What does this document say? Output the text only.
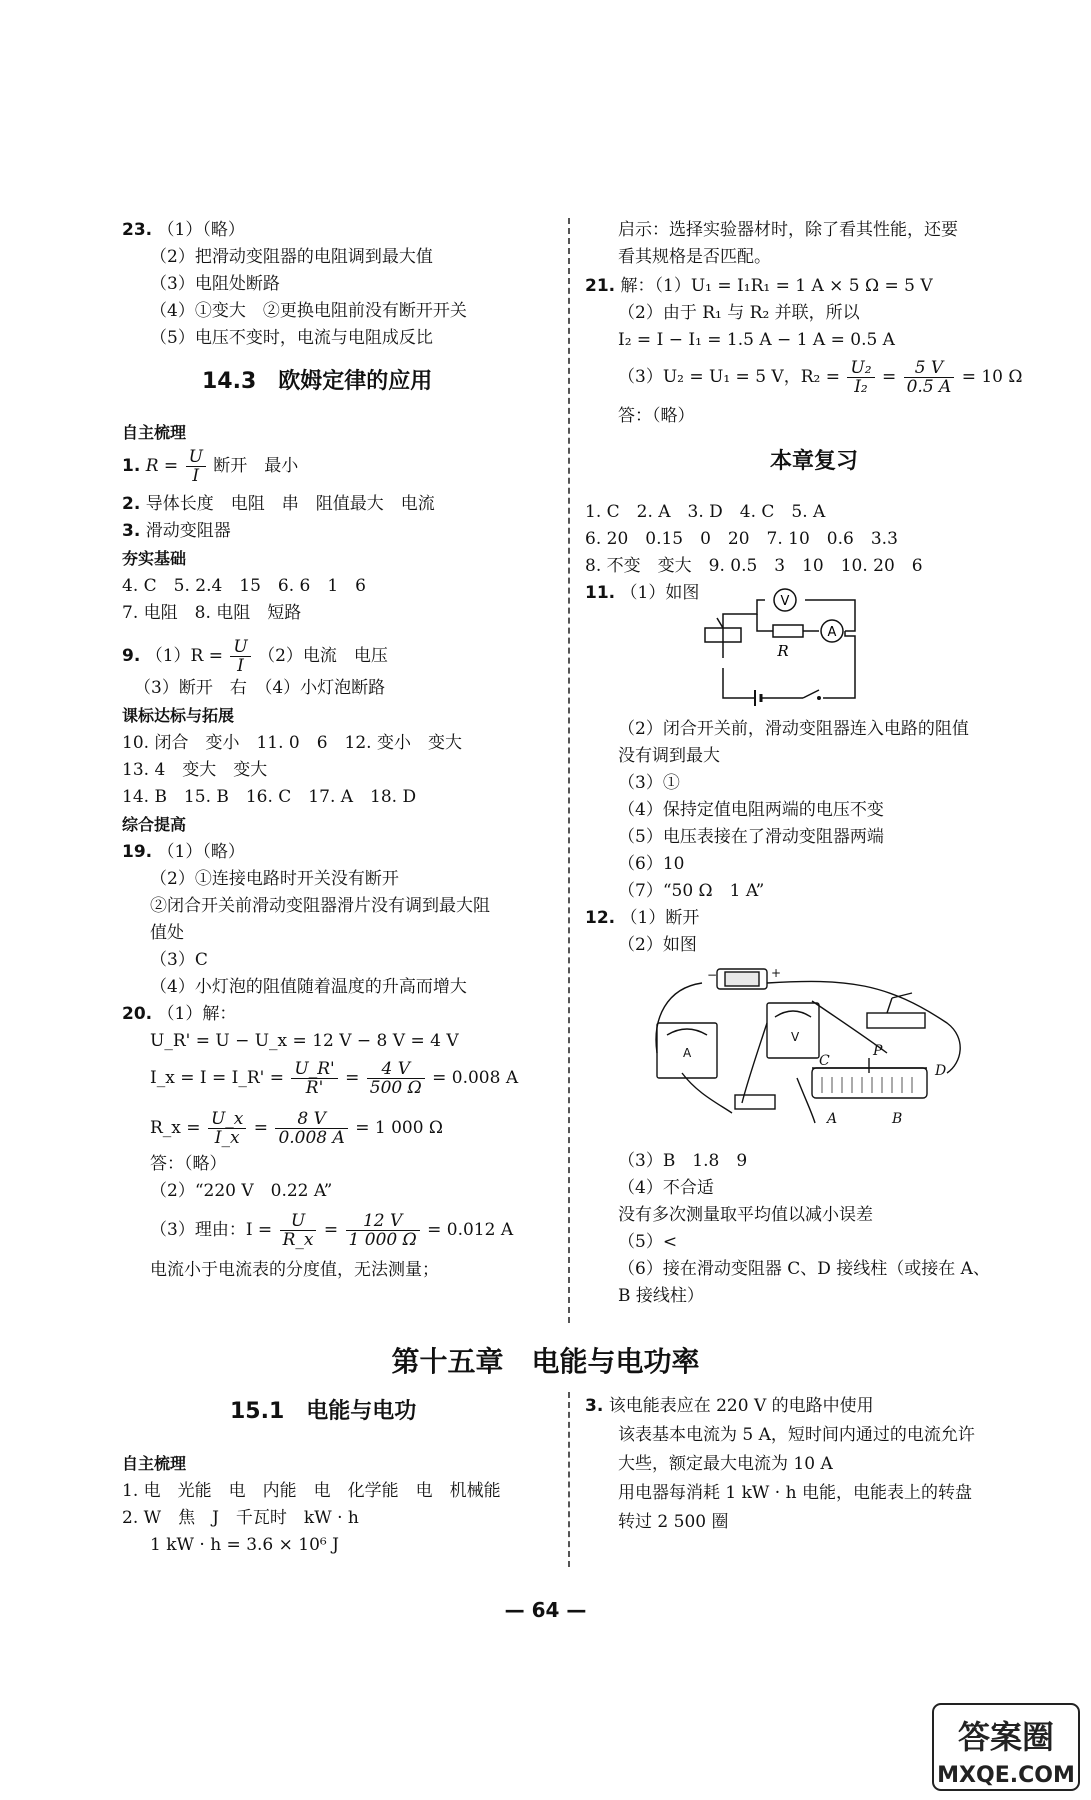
23. （1）（略）
（2）把滑动变阻器的电阻调到最大值
（3）电阻处断路
（4）①变大　②更换电阻前没有断开开关
（5）电压不变时，电流与电阻成反比
14.3　欧姆定律的应用
自主梳理
1. $R = \frac{U}{I}$ 断开　最小
2. 导体长度　电阻　串　阻值最大　电流
3. 滑动变阻器
夯实基础
4. C　5. 2.4　15　6. 6　1　6
7. 电阻　8. 电阻　短路
9. $(1)R = \frac{U}{I} (2)$电流　电压
（3）断开　右　（4）小灯泡断路
课标达标与拓展
10. 闭合　变小　11. 0　6　12. 变小　变大
13. 4　变大　变大
14. B　15. B　16. C　17. A　18. D
综合提高
19. （1）（略）
（2）①连接电路时开关没有断开
②闭合开关前滑动变阻器滑片没有调到最大阻
值处
（3）C
（4）小灯泡的阻值随着温度的升高而增大
20. （1）解：
U_R' = U − U_x = 12 V − 8 V = 4 V
I_x = I = I_R' = $\frac{U\_R'}{R'} = \frac{4 V}{500 \Omega} = 0.008$ A
R_x = $\frac{U\_x}{I\_x} = \frac{8 V}{0.008 A} = 1$ 000 Ω
答：（略）
（2）“220 V　0.22 A”
（3）理由：$I = \frac{U}{R\_x} = \frac{12 V}{1 000 \Omega} = 0.012$ A
电流小于电流表的分度值，无法测量；
启示：选择实验器材时，除了看其性能，还要
看其规格是否匹配。
21. 解：（1）U₁ = I₁R₁ = 1 A × 5 Ω = 5 V
（2）由于 R₁ 与 R₂ 并联，所以
I₂ = I − I₁ = 1.5 A − 1 A = 0.5 A
（3）U₂ = U₁ = 5 V，$R_2 = \frac{\text{U₂}}{\text{I₂}} = \frac{5 V}{0.5 A} = 10$ Ω
答：（略）
本章复习
1. C　2. A　3. D　4. C　5. A
6. 20　0.15　0　20　7. 10　0.6　3.3
8. 不变　变大　9. 0.5　3　10　10. 20　6
11. （1）如图	V
A
R
（2）闭合开关前，滑动变阻器连入电路的阻值
没有调到最大
（3）①
（4）保持定值电阻两端的电压不变
（5）电压表接在了滑动变阻器两端
（6）10
（7）“50 Ω　1 A”
12. （1）断开
（2）如图
−	+
A
V
C
P
D
A	B
（3）B　1.8　9
（4）不合适
没有多次测量取平均值以减小误差
（5）<
（6）接在滑动变阻器 C、D 接线柱（或接在 A、
B 接线柱）
第十五章　电能与电功率
15.1　电能与电功
自主梳理
1. 电　光能　电　内能　电　化学能　电　机械能
2. W　焦　J　千瓦时　kW · h
1 kW · h = 3.6 × 10⁶ J
3. 该电能表应在 220 V 的电路中使用
该表基本电流为 5 A，短时间内通过的电流允许
大些，额定最大电流为 10 A
用电器每消耗 1 kW · h 电能，电能表上的转盘
转过 2 500 圈
— 64 —
答案圈
MXQE.COM
